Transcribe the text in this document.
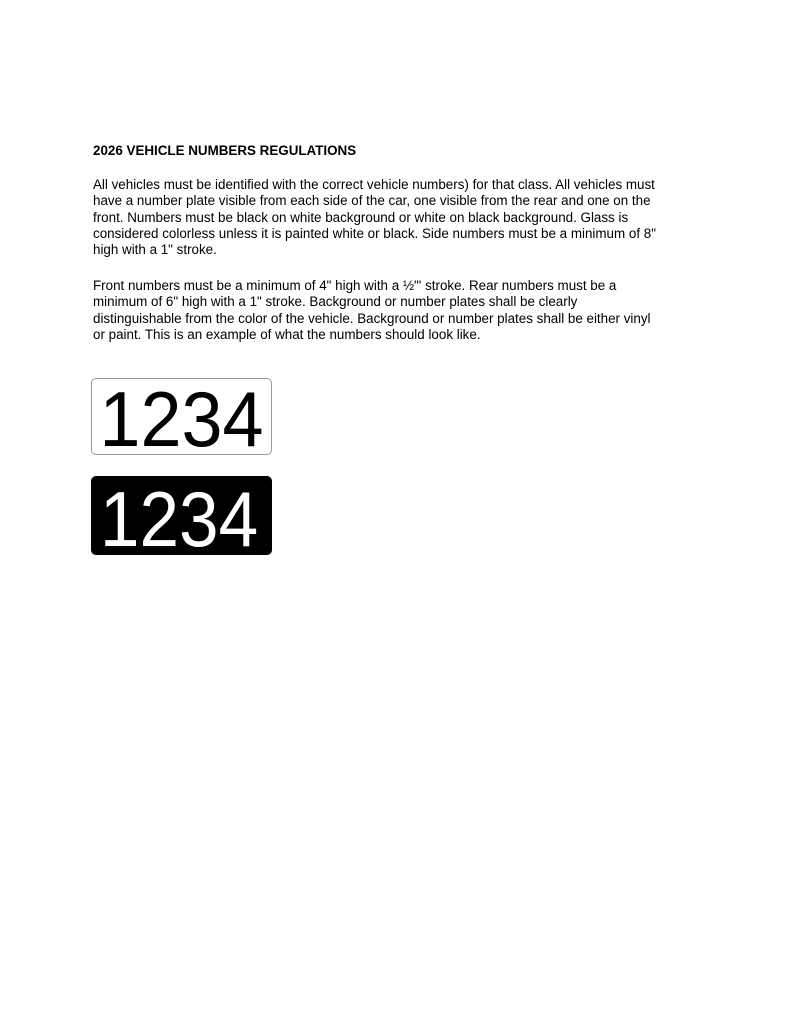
2026 VEHICLE NUMBERS REGULATIONS

All vehicles must be identified with the correct vehicle numbers) for that class. All vehicles must
have a number plate visible from each side of the car, one visible from the rear and one on the
front. Numbers must be black on white background or white on black background. Glass is
considered colorless unless it is painted white or black. Side numbers must be a minimum of 8"
high with a 1" stroke.

Front numbers must be a minimum of 4" high with a ½"' stroke. Rear numbers must be a
minimum of 6" high with a 1" stroke. Background or number plates shall be clearly
distinguishable from the color of the vehicle. Background or number plates shall be either vinyl
or paint. This is an example of what the numbers should look like.

1234
1234
